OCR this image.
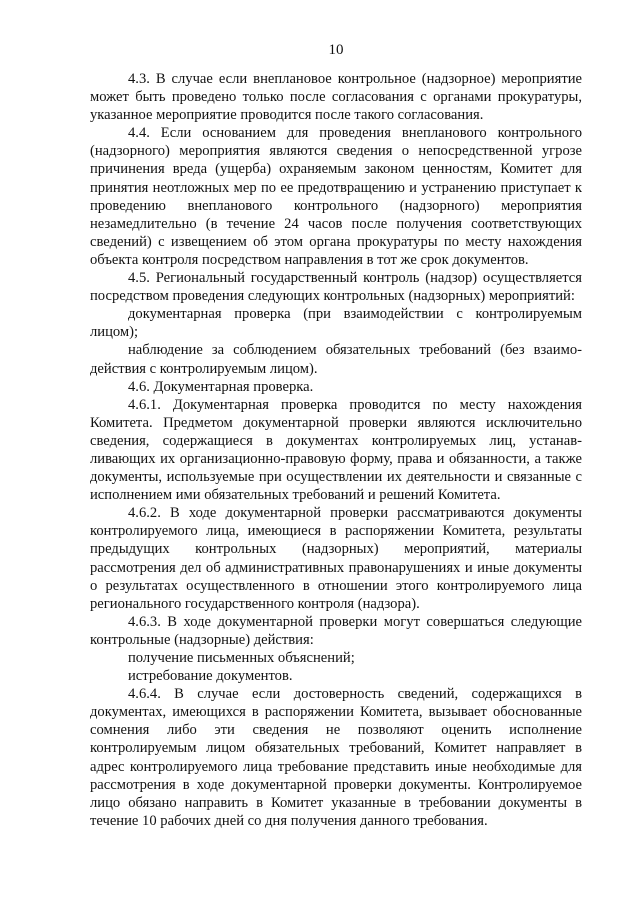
10

4.3. В случае если внеплановое контрольное (надзорное) мероприятие может быть проведено только после согласования с органами прокуратуры, указанное мероприятие проводится после такого согласования.

4.4. Если основанием для проведения внепланового контрольного (надзорного) мероприятия являются сведения о непосредственной угрозе причинения вреда (ущерба) охраняемым законом ценностям, Комитет для принятия неотложных мер по ее предотвращению и устранению приступает к проведению внепланового контрольного (надзорного) мероприятия незамедлительно (в течение 24 часов после получения соответствующих сведений) с извещением об этом органа прокуратуры по месту нахождения объекта контроля посредством направления в тот же срок документов.

4.5. Региональный государственный контроль (надзор) осуществляется посредством проведения следующих контрольных (надзорных) мероприятий:

документарная проверка (при взаимодействии с контролируемым лицом);

наблюдение за соблюдением обязательных требований (без взаимодействия с контролируемым лицом).

4.6. Документарная проверка.

4.6.1. Документарная проверка проводится по месту нахождения Комитета. Предметом документарной проверки являются исключительно сведения, содержащиеся в документах контролируемых лиц, устанавливающих их организационно-правовую форму, права и обязанности, а также документы, используемые при осуществлении их деятельности и связанные с исполнением ими обязательных требований и решений Комитета.

4.6.2. В ходе документарной проверки рассматриваются документы контролируемого лица, имеющиеся в распоряжении Комитета, результаты предыдущих контрольных (надзорных) мероприятий, материалы рассмотрения дел об административных правонарушениях и иные документы о результатах осуществленного в отношении этого контролируемого лица регионального государственного контроля (надзора).

4.6.3. В ходе документарной проверки могут совершаться следующие контрольные (надзорные) действия:

получение письменных объяснений;

истребование документов.

4.6.4. В случае если достоверность сведений, содержащихся в документах, имеющихся в распоряжении Комитета, вызывает обоснованные сомнения либо эти сведения не позволяют оценить исполнение контролируемым лицом обязательных требований, Комитет направляет в адрес контролируемого лица требование представить иные необходимые для рассмотрения в ходе документарной проверки документы. Контролируемое лицо обязано направить в Комитет указанные в требовании документы в течение 10 рабочих дней со дня получения данного требования.
